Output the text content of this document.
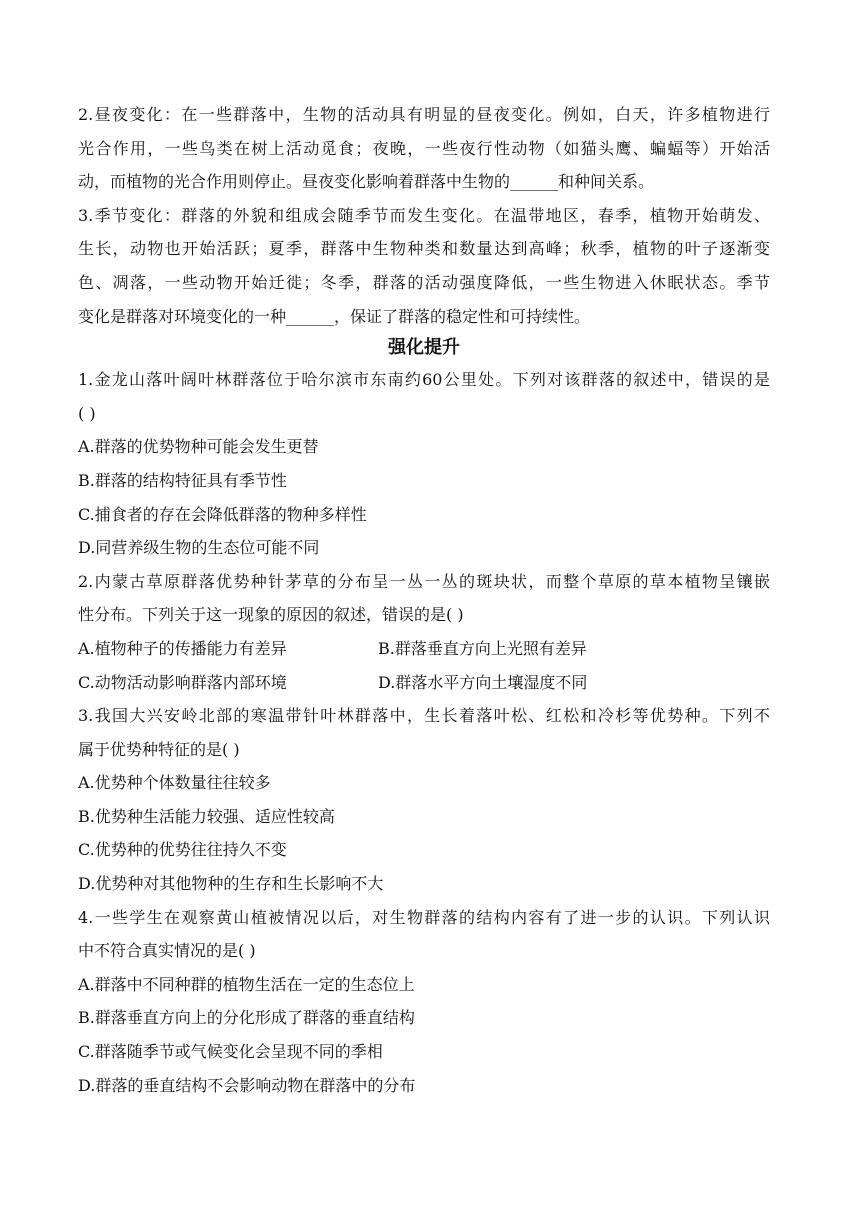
2.昼夜变化：在一些群落中，生物的活动具有明显的昼夜变化。例如，白天，许多植物进行
光合作用，一些鸟类在树上活动觅食；夜晚，一些夜行性动物（如猫头鹰、蝙蝠等）开始活
动，而植物的光合作用则停止。昼夜变化影响着群落中生物的______和种间关系。
3.季节变化：群落的外貌和组成会随季节而发生变化。在温带地区，春季，植物开始萌发、
生长，动物也开始活跃；夏季，群落中生物种类和数量达到高峰；秋季，植物的叶子逐渐变
色、凋落，一些动物开始迁徙；冬季，群落的活动强度降低，一些生物进入休眠状态。季节
变化是群落对环境变化的一种______，保证了群落的稳定性和可持续性。
强化提升
1.金龙山落叶阔叶林群落位于哈尔滨市东南约60公里处。下列对该群落的叙述中，错误的是
( )
A.群落的优势物种可能会发生更替
B.群落的结构特征具有季节性
C.捕食者的存在会降低群落的物种多样性
D.同营养级生物的生态位可能不同
2.内蒙古草原群落优势种针茅草的分布呈一丛一丛的斑块状，而整个草原的草本植物呈镶嵌
性分布。下列关于这一现象的原因的叙述，错误的是( )
A.植物种子的传播能力有差异	B.群落垂直方向上光照有差异
C.动物活动影响群落内部环境	D.群落水平方向土壤湿度不同
3.我国大兴安岭北部的寒温带针叶林群落中，生长着落叶松、红松和冷杉等优势种。下列不
属于优势种特征的是( )
A.优势种个体数量往往较多
B.优势种生活能力较强、适应性较高
C.优势种的优势往往持久不变
D.优势种对其他物种的生存和生长影响不大
4.一些学生在观察黄山植被情况以后，对生物群落的结构内容有了进一步的认识。下列认识
中不符合真实情况的是( )
A.群落中不同种群的植物生活在一定的生态位上
B.群落垂直方向上的分化形成了群落的垂直结构
C.群落随季节或气候变化会呈现不同的季相
D.群落的垂直结构不会影响动物在群落中的分布
